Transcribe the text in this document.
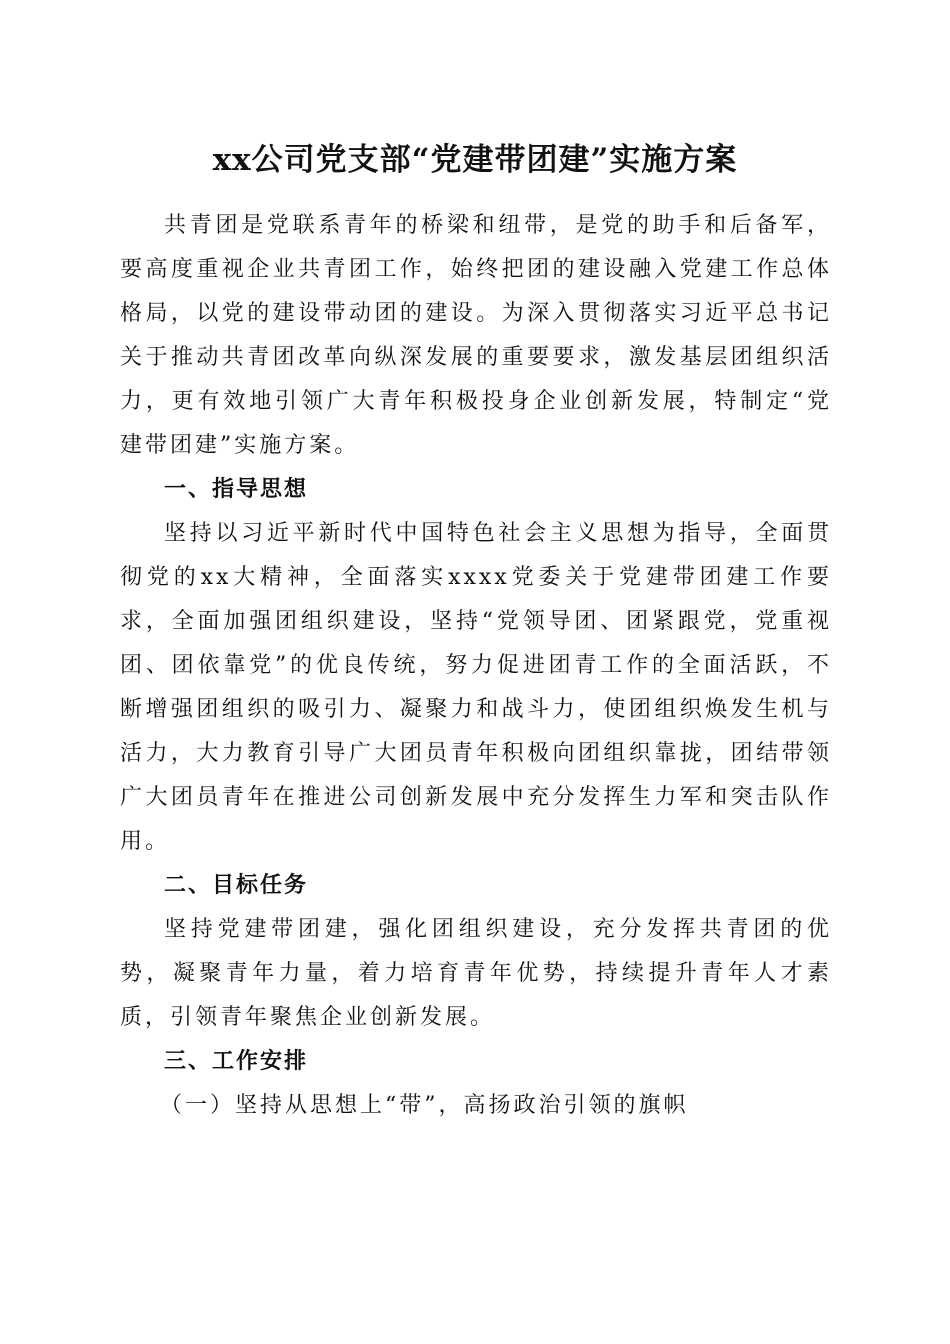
xx公司党支部“党建带团建”实施方案

共青团是党联系青年的桥梁和纽带，是党的助手和后备军，要高度重视企业共青团工作，始终把团的建设融入党建工作总体格局，以党的建设带动团的建设。为深入贯彻落实习近平总书记关于推动共青团改革向纵深发展的重要要求，激发基层团组织活力，更有效地引领广大青年积极投身企业创新发展，特制定“党建带团建”实施方案。

一、指导思想

坚持以习近平新时代中国特色社会主义思想为指导，全面贯彻党的xx大精神，全面落实xxxx党委关于党建带团建工作要求，全面加强团组织建设，坚持“党领导团、团紧跟党，党重视团、团依靠党”的优良传统，努力促进团青工作的全面活跃，不断增强团组织的吸引力、凝聚力和战斗力，使团组织焕发生机与活力，大力教育引导广大团员青年积极向团组织靠拢，团结带领广大团员青年在推进公司创新发展中充分发挥生力军和突击队作用。

二、目标任务

坚持党建带团建，强化团组织建设，充分发挥共青团的优势，凝聚青年力量，着力培育青年优势，持续提升青年人才素质，引领青年聚焦企业创新发展。

三、工作安排

（一）坚持从思想上“带”，高扬政治引领的旗帜
